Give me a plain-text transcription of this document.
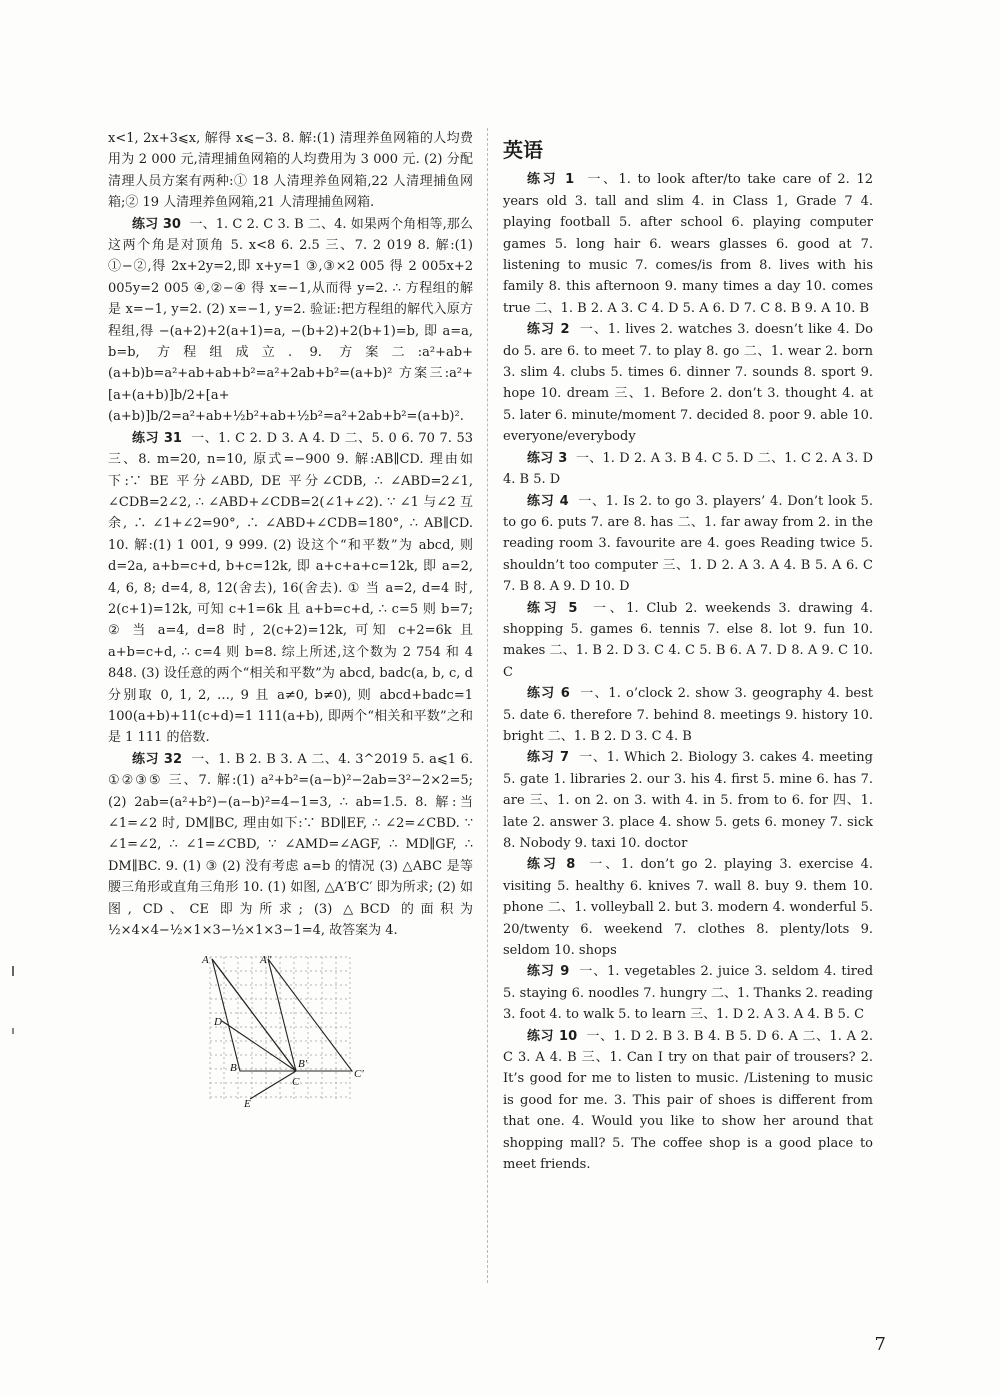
x<1, 2x+3⩽x, 解得 x⩽−3. 8. 解:(1) 清理养鱼网箱的人均费用为 2 000 元,清理捕鱼网箱的人均费用为 3 000 元. (2) 分配清理人员方案有两种:① 18 人清理养鱼网箱,22 人清理捕鱼网箱;② 19 人清理养鱼网箱,21 人清理捕鱼网箱.

练习 30 一、1. C 2. C 3. B 二、4. 如果两个角相等,那么这两个角是对顶角 5. x<8 6. 2.5 三、7. 2 019 8. 解:(1) ①−②,得 2x+2y=2,即 x+y=1 ③,③×2 005 得 2 005x+2 005y=2 005 ④,②−④ 得 x=−1,从而得 y=2. ∴ 方程组的解是 x=−1, y=2. (2) x=−1, y=2. 验证:把方程组的解代入原方程组,得 −(a+2)+2(a+1)=a, −(b+2)+2(b+1)=b, 即 a=a, b=b, 方程组成立. 9. 方案二:a²+ab+(a+b)b=a²+ab+ab+b²=a²+2ab+b²=(a+b)² 方案三:a²+[a+(a+b)]b/2+[a+(a+b)]b/2=a²+ab+½b²+ab+½b²=a²+2ab+b²=(a+b)².

练习 31 一、1. C 2. D 3. A 4. D 二、5. 0 6. 70 7. 53 三、8. m=20, n=10, 原式=−900 9. 解:AB∥CD. 理由如下:∵ BE 平分∠ABD, DE 平分∠CDB, ∴ ∠ABD=2∠1, ∠CDB=2∠2, ∴ ∠ABD+∠CDB=2(∠1+∠2). ∵ ∠1 与∠2 互余, ∴ ∠1+∠2=90°, ∴ ∠ABD+∠CDB=180°, ∴ AB∥CD. 10. 解:(1) 1 001, 9 999. (2) 设这个“和平数”为 abcd, 则 d=2a, a+b=c+d, b+c=12k, 即 a+c+a+c=12k, 即 a=2, 4, 6, 8; d=4, 8, 12(舍去), 16(舍去). ① 当 a=2, d=4 时, 2(c+1)=12k, 可知 c+1=6k 且 a+b=c+d, ∴ c=5 则 b=7; ② 当 a=4, d=8 时, 2(c+2)=12k, 可知 c+2=6k 且 a+b=c+d, ∴ c=4 则 b=8. 综上所述,这个数为 2 754 和 4 848. (3) 设任意的两个“相关和平数”为 abcd, badc(a, b, c, d 分别取 0, 1, 2, …, 9 且 a≠0, b≠0), 则 abcd+badc=1 100(a+b)+11(c+d)=1 111(a+b), 即两个“相关和平数”之和是 1 111 的倍数.

练习 32 一、1. B 2. B 3. A 二、4. 3^2019 5. a⩽1 6. ①②③⑤ 三、7. 解:(1) a²+b²=(a−b)²−2ab=3²−2×2=5; (2) 2ab=(a²+b²)−(a−b)²=4−1=3, ∴ ab=1.5. 8. 解:当∠1=∠2 时, DM∥BC, 理由如下:∵ BD∥EF, ∴ ∠2=∠CBD. ∵ ∠1=∠2, ∴ ∠1=∠CBD, ∵ ∠AMD=∠AGF, ∴ MD∥GF, ∴ DM∥BC. 9. (1) ③ (2) 没有考虑 a=b 的情况 (3) △ABC 是等腰三角形或直角三角形 10. (1) 如图, △A′B′C′ 即为所求; (2) 如图, CD、CE 即为所求; (3) △BCD 的面积为 ½×4×4−½×1×3−½×1×3−1=4, 故答案为 4.

A	A″
D
B	B′
C
C′
E
英语

练习 1 一、1. to look after/to take care of 2. 12 years old 3. tall and slim 4. in Class 1, Grade 7 4. playing football 5. after school 6. playing computer games 5. long hair 6. wears glasses 6. good at 7. listening to music 7. comes/is from 8. lives with his family 8. this afternoon 9. many times a day 10. comes true 二、1. B 2. A 3. C 4. D 5. A 6. D 7. C 8. B 9. A 10. B

练习 2 一、1. lives 2. watches 3. doesn’t like 4. Do do 5. are 6. to meet 7. to play 8. go 二、1. wear 2. born 3. slim 4. clubs 5. times 6. dinner 7. sounds 8. sport 9. hope 10. dream 三、1. Before 2. don’t 3. thought 4. at 5. later 6. minute/moment 7. decided 8. poor 9. able 10. everyone/everybody

练习 3 一、1. D 2. A 3. B 4. C 5. D 二、1. C 2. A 3. D 4. B 5. D

练习 4 一、1. Is 2. to go 3. players’ 4. Don’t look 5. to go 6. puts 7. are 8. has 二、1. far away from 2. in the reading room 3. favourite are 4. goes Reading twice 5. shouldn’t too computer 三、1. D 2. A 3. A 4. B 5. A 6. C 7. B 8. A 9. D 10. D

练习 5 一、1. Club 2. weekends 3. drawing 4. shopping 5. games 6. tennis 7. else 8. lot 9. fun 10. makes 二、1. B 2. D 3. C 4. C 5. B 6. A 7. D 8. A 9. C 10. C

练习 6 一、1. o’clock 2. show 3. geography 4. best 5. date 6. therefore 7. behind 8. meetings 9. history 10. bright 二、1. B 2. D 3. C 4. B

练习 7 一、1. Which 2. Biology 3. cakes 4. meeting 5. gate 1. libraries 2. our 3. his 4. first 5. mine 6. has 7. are 三、1. on 2. on 3. with 4. in 5. from to 6. for 四、1. late 2. answer 3. place 4. show 5. gets 6. money 7. sick 8. Nobody 9. taxi 10. doctor

练习 8 一、1. don’t go 2. playing 3. exercise 4. visiting 5. healthy 6. knives 7. wall 8. buy 9. them 10. phone 二、1. volleyball 2. but 3. modern 4. wonderful 5. 20/twenty 6. weekend 7. clothes 8. plenty/lots 9. seldom 10. shops

练习 9 一、1. vegetables 2. juice 3. seldom 4. tired 5. staying 6. noodles 7. hungry 二、1. Thanks 2. reading 3. foot 4. to walk 5. to learn 三、1. D 2. A 3. A 4. B 5. C

练习 10 一、1. D 2. B 3. B 4. B 5. D 6. A 二、1. A 2. C 3. A 4. B 三、1. Can I try on that pair of trousers? 2. It’s good for me to listen to music. /Listening to music is good for me. 3. This pair of shoes is different from that one. 4. Would you like to show her around that shopping mall? 5. The coffee shop is a good place to meet friends.

7
